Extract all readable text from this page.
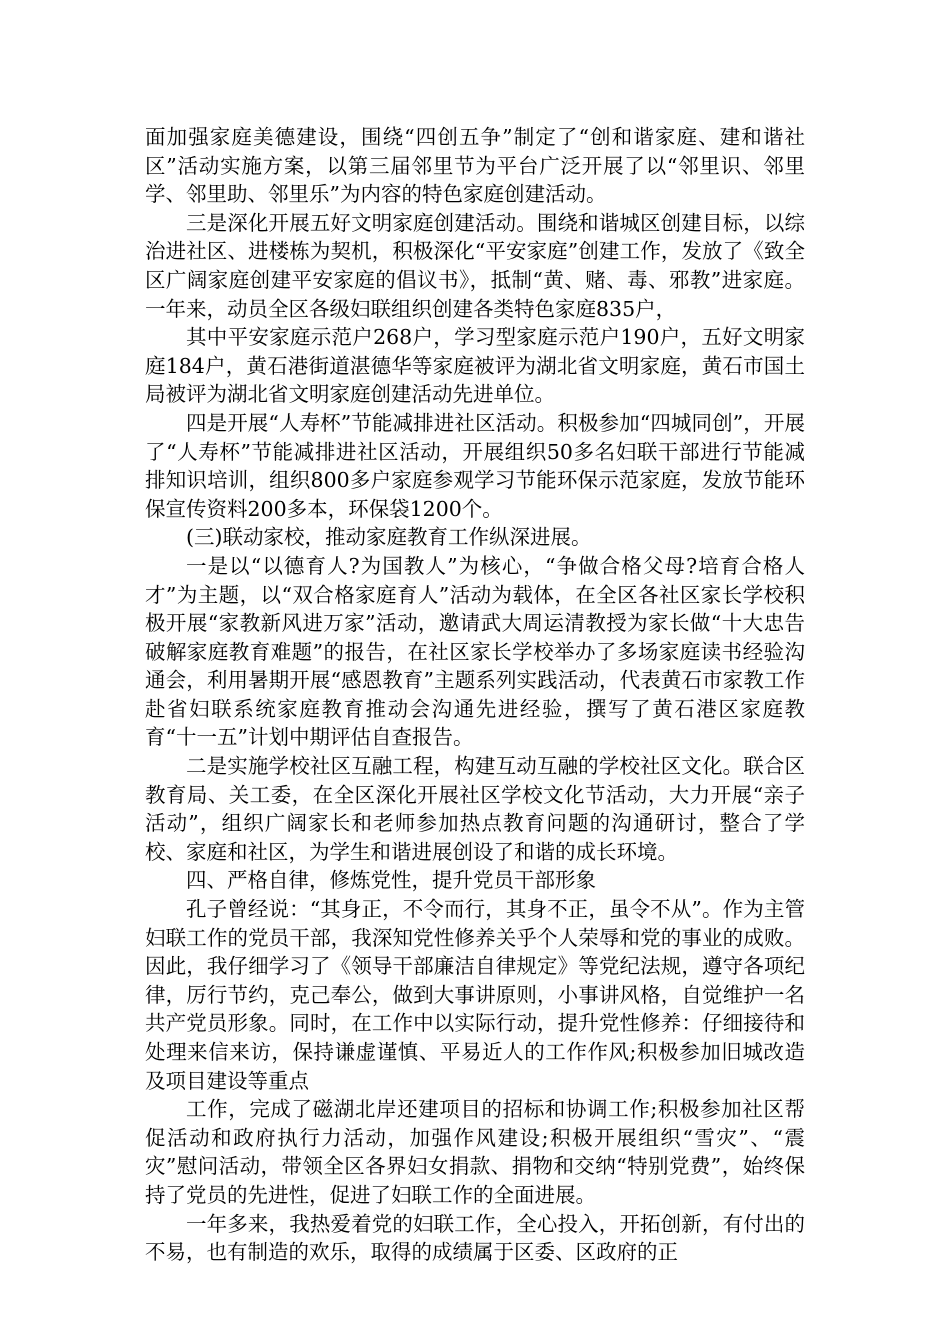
面加强家庭美德建设，围绕“四创五争”制定了“创和谐家庭、建和谐社区”活动实施方案，以第三届邻里节为平台广泛开展了以“邻里识、邻里学、邻里助、邻里乐”为内容的特色家庭创建活动。

三是深化开展五好文明家庭创建活动。围绕和谐城区创建目标，以综治进社区、进楼栋为契机，积极深化“平安家庭”创建工作，发放了《致全区广阔家庭创建平安家庭的倡议书》，抵制“黄、赌、毒、邪教”进家庭。一年来，动员全区各级妇联组织创建各类特色家庭835户，

其中平安家庭示范户268户，学习型家庭示范户190户，五好文明家庭184户，黄石港街道湛德华等家庭被评为湖北省文明家庭，黄石市国土局被评为湖北省文明家庭创建活动先进单位。

四是开展“人寿杯”节能减排进社区活动。积极参加“四城同创”，开展了“人寿杯”节能减排进社区活动，开展组织50多名妇联干部进行节能减排知识培训，组织800多户家庭参观学习节能环保示范家庭，发放节能环保宣传资料200多本，环保袋1200个。

(三)联动家校，推动家庭教育工作纵深进展。

一是以“以德育人?为国教人”为核心，“争做合格父母?培育合格人才”为主题，以“双合格家庭育人”活动为载体，在全区各社区家长学校积极开展“家教新风进万家”活动，邀请武大周运清教授为家长做“十大忠告破解家庭教育难题”的报告，在社区家长学校举办了多场家庭读书经验沟通会，利用暑期开展“感恩教育”主题系列实践活动，代表黄石市家教工作赴省妇联系统家庭教育推动会沟通先进经验，撰写了黄石港区家庭教育“十一五”计划中期评估自查报告。

二是实施学校社区互融工程，构建互动互融的学校社区文化。联合区教育局、关工委，在全区深化开展社区学校文化节活动，大力开展“亲子活动”，组织广阔家长和老师参加热点教育问题的沟通研讨，整合了学校、家庭和社区，为学生和谐进展创设了和谐的成长环境。

四、严格自律，修炼党性，提升党员干部形象

孔子曾经说：“其身正，不令而行，其身不正，虽令不从”。作为主管妇联工作的党员干部，我深知党性修养关乎个人荣辱和党的事业的成败。因此，我仔细学习了《领导干部廉洁自律规定》等党纪法规，遵守各项纪律，厉行节约，克己奉公，做到大事讲原则，小事讲风格，自觉维护一名共产党员形象。同时，在工作中以实际行动，提升党性修养：仔细接待和处理来信来访，保持谦虚谨慎、平易近人的工作作风;积极参加旧城改造及项目建设等重点

工作，完成了磁湖北岸还建项目的招标和协调工作;积极参加社区帮促活动和政府执行力活动，加强作风建设;积极开展组织“雪灾”、“震灾”慰问活动，带领全区各界妇女捐款、捐物和交纳“特别党费”，始终保持了党员的先进性，促进了妇联工作的全面进展。

一年多来，我热爱着党的妇联工作，全心投入，开拓创新，有付出的不易，也有制造的欢乐，取得的成绩属于区委、区政府的正
